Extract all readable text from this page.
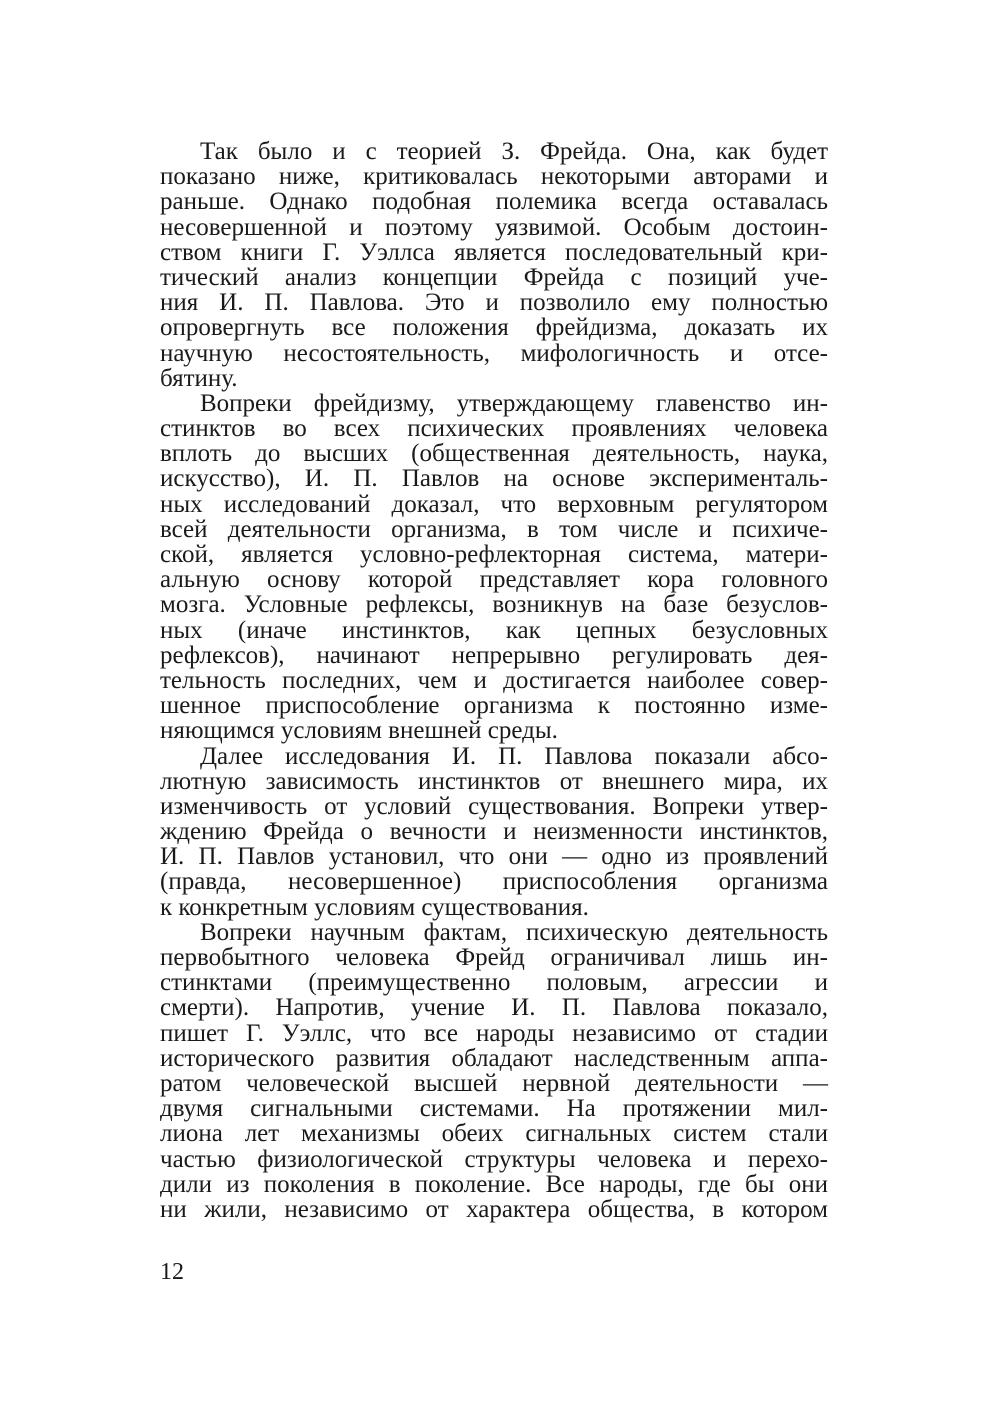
Так было и с теорией З. Фрейда. Она, как будет
показано ниже, критиковалась некоторыми авторами и
раньше. Однако подобная полемика всегда оставалась
несовершенной и поэтому уязвимой. Особым достоин-
ством книги Г. Уэллса является последовательный кри-
тический анализ концепции Фрейда с позиций уче-
ния И. П. Павлова. Это и позволило ему полностью
опровергнуть все положения фрейдизма, доказать их
научную несостоятельность, мифологичность и отсе-
бятину.
Вопреки фрейдизму, утверждающему главенство ин-
стинктов во всех психических проявлениях человека
вплоть до высших (общественная деятельность, наука,
искусство), И. П. Павлов на основе эксперименталь-
ных исследований доказал, что верховным регулятором
всей деятельности организма, в том числе и психиче-
ской, является условно-рефлекторная система, матери-
альную основу которой представляет кора головного
мозга. Условные рефлексы, возникнув на базе безуслов-
ных (иначе инстинктов, как цепных безусловных
рефлексов), начинают непрерывно регулировать дея-
тельность последних, чем и достигается наиболее совер-
шенное приспособление организма к постоянно изме-
няющимся условиям внешней среды.
Далее исследования И. П. Павлова показали абсо-
лютную зависимость инстинктов от внешнего мира, их
изменчивость от условий существования. Вопреки утвер-
ждению Фрейда о вечности и неизменности инстинктов,
И. П. Павлов установил, что они — одно из проявлений
(правда, несовершенное) приспособления организма
к конкретным условиям существования.
Вопреки научным фактам, психическую деятельность
первобытного человека Фрейд ограничивал лишь ин-
стинктами (преимущественно половым, агрессии и
смерти). Напротив, учение И. П. Павлова показало,
пишет Г. Уэллс, что все народы независимо от стадии
исторического развития обладают наследственным аппа-
ратом человеческой высшей нервной деятельности —
двумя сигнальными системами. На протяжении мил-
лиона лет механизмы обеих сигнальных систем стали
частью физиологической структуры человека и перехо-
дили из поколения в поколение. Все народы, где бы они
ни жили, независимо от характера общества, в котором
12
